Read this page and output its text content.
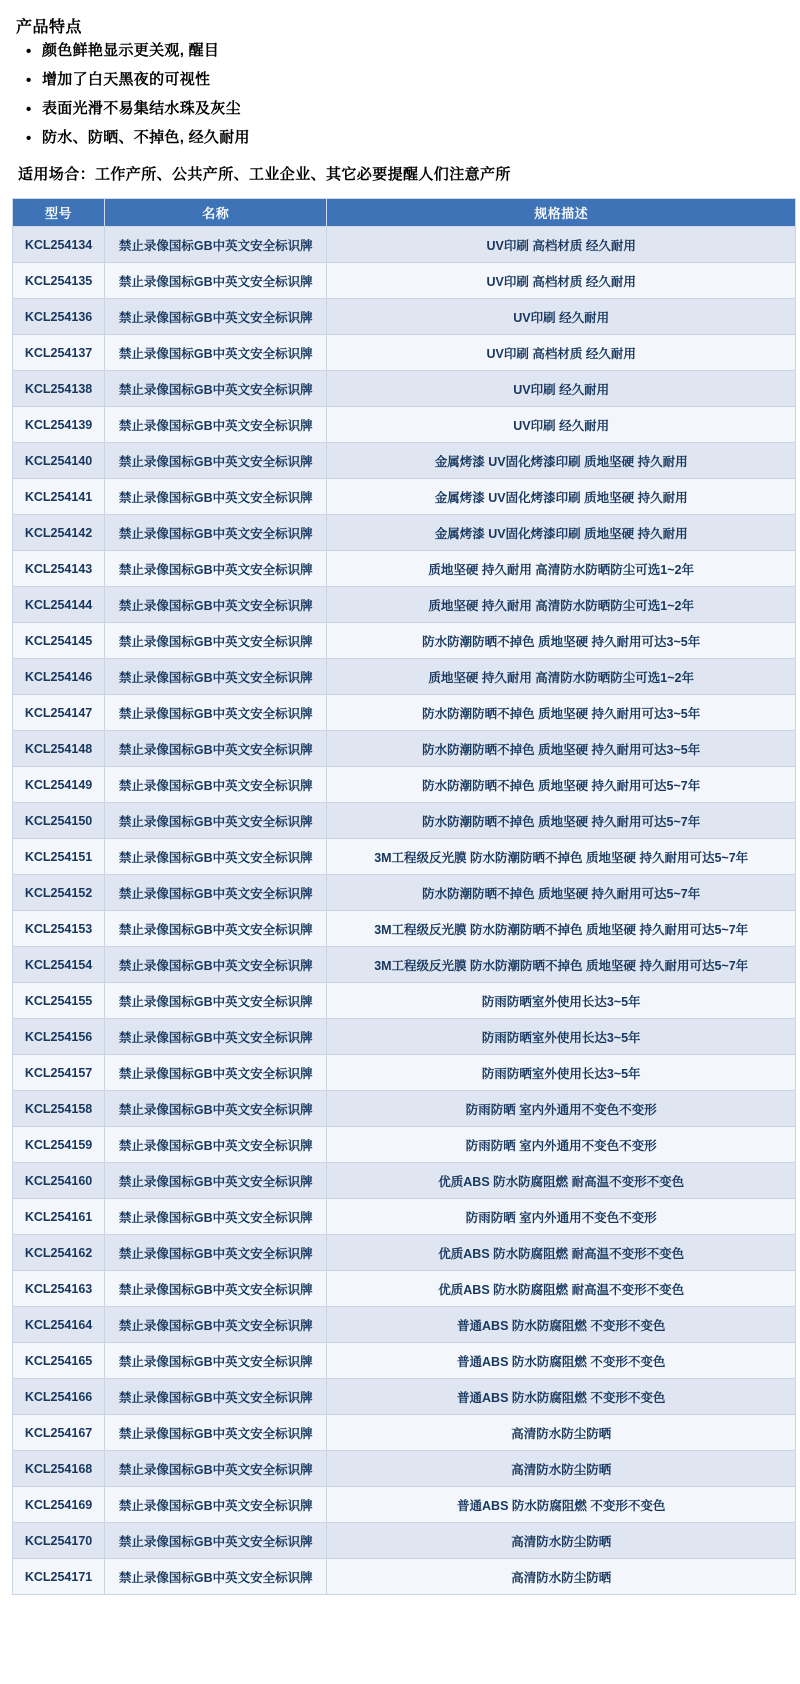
产品特点
• 颜色鲜艳显示更关观, 醒目
• 增加了白天黑夜的可视性
• 表面光滑不易集结水珠及灰尘
• 防水、防晒、不掉色, 经久耐用
适用场合：工作产所、公共产所、工业企业、其它必要提醒人们注意产所
型号	名称	规格描述
KCL254134	禁止录像国标GB中英文安全标识牌	UV印刷 高档材质 经久耐用
KCL254135	禁止录像国标GB中英文安全标识牌	UV印刷 高档材质 经久耐用
KCL254136	禁止录像国标GB中英文安全标识牌	UV印刷 经久耐用
KCL254137	禁止录像国标GB中英文安全标识牌	UV印刷 高档材质 经久耐用
KCL254138	禁止录像国标GB中英文安全标识牌	UV印刷 经久耐用
KCL254139	禁止录像国标GB中英文安全标识牌	UV印刷 经久耐用
KCL254140	禁止录像国标GB中英文安全标识牌	金属烤漆 UV固化烤漆印刷 质地坚硬 持久耐用
KCL254141	禁止录像国标GB中英文安全标识牌	金属烤漆 UV固化烤漆印刷 质地坚硬 持久耐用
KCL254142	禁止录像国标GB中英文安全标识牌	金属烤漆 UV固化烤漆印刷 质地坚硬 持久耐用
KCL254143	禁止录像国标GB中英文安全标识牌	质地坚硬 持久耐用 高清防水防晒防尘可选1~2年
KCL254144	禁止录像国标GB中英文安全标识牌	质地坚硬 持久耐用 高清防水防晒防尘可选1~2年
KCL254145	禁止录像国标GB中英文安全标识牌	防水防潮防晒不掉色 质地坚硬 持久耐用可达3~5年
KCL254146	禁止录像国标GB中英文安全标识牌	质地坚硬 持久耐用 高清防水防晒防尘可选1~2年
KCL254147	禁止录像国标GB中英文安全标识牌	防水防潮防晒不掉色 质地坚硬 持久耐用可达3~5年
KCL254148	禁止录像国标GB中英文安全标识牌	防水防潮防晒不掉色 质地坚硬 持久耐用可达3~5年
KCL254149	禁止录像国标GB中英文安全标识牌	防水防潮防晒不掉色 质地坚硬 持久耐用可达5~7年
KCL254150	禁止录像国标GB中英文安全标识牌	防水防潮防晒不掉色 质地坚硬 持久耐用可达5~7年
KCL254151	禁止录像国标GB中英文安全标识牌	3M工程级反光膜 防水防潮防晒不掉色 质地坚硬 持久耐用可达5~7年
KCL254152	禁止录像国标GB中英文安全标识牌	防水防潮防晒不掉色 质地坚硬 持久耐用可达5~7年
KCL254153	禁止录像国标GB中英文安全标识牌	3M工程级反光膜 防水防潮防晒不掉色 质地坚硬 持久耐用可达5~7年
KCL254154	禁止录像国标GB中英文安全标识牌	3M工程级反光膜 防水防潮防晒不掉色 质地坚硬 持久耐用可达5~7年
KCL254155	禁止录像国标GB中英文安全标识牌	防雨防晒室外使用长达3~5年
KCL254156	禁止录像国标GB中英文安全标识牌	防雨防晒室外使用长达3~5年
KCL254157	禁止录像国标GB中英文安全标识牌	防雨防晒室外使用长达3~5年
KCL254158	禁止录像国标GB中英文安全标识牌	防雨防晒 室内外通用不变色不变形
KCL254159	禁止录像国标GB中英文安全标识牌	防雨防晒 室内外通用不变色不变形
KCL254160	禁止录像国标GB中英文安全标识牌	优质ABS 防水防腐阻燃 耐高温不变形不变色
KCL254161	禁止录像国标GB中英文安全标识牌	防雨防晒 室内外通用不变色不变形
KCL254162	禁止录像国标GB中英文安全标识牌	优质ABS 防水防腐阻燃 耐高温不变形不变色
KCL254163	禁止录像国标GB中英文安全标识牌	优质ABS 防水防腐阻燃 耐高温不变形不变色
KCL254164	禁止录像国标GB中英文安全标识牌	普通ABS 防水防腐阻燃 不变形不变色
KCL254165	禁止录像国标GB中英文安全标识牌	普通ABS 防水防腐阻燃 不变形不变色
KCL254166	禁止录像国标GB中英文安全标识牌	普通ABS 防水防腐阻燃 不变形不变色
KCL254167	禁止录像国标GB中英文安全标识牌	高清防水防尘防晒
KCL254168	禁止录像国标GB中英文安全标识牌	高清防水防尘防晒
KCL254169	禁止录像国标GB中英文安全标识牌	普通ABS 防水防腐阻燃 不变形不变色
KCL254170	禁止录像国标GB中英文安全标识牌	高清防水防尘防晒
KCL254171	禁止录像国标GB中英文安全标识牌	高清防水防尘防晒
